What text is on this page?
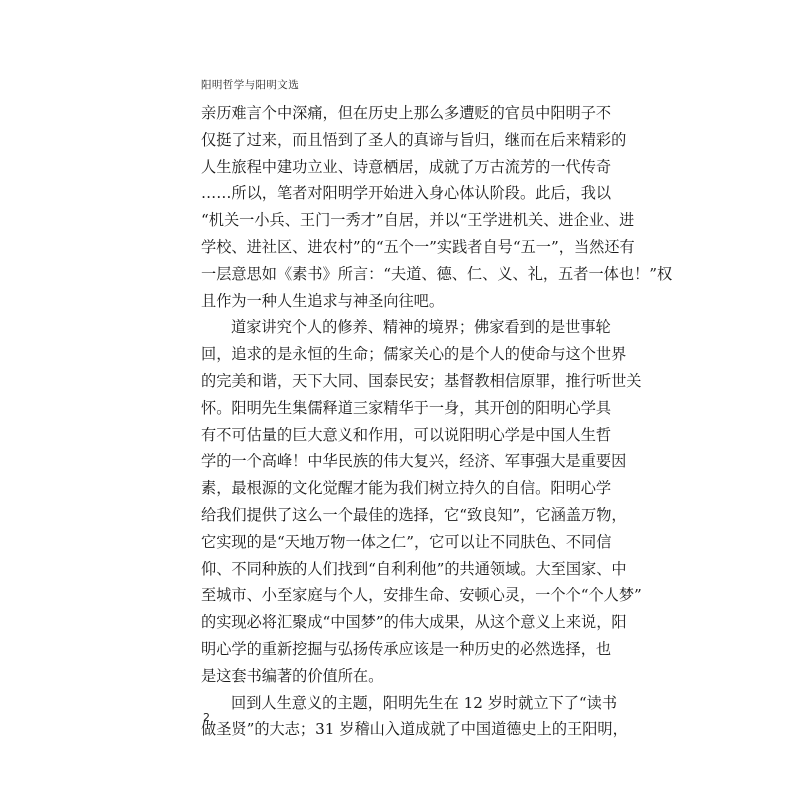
阳明哲学与阳明文选
亲历难言个中深痛，但在历史上那么多遭贬的官员中阳明子不
仅挺了过来，而且悟到了圣人的真谛与旨归，继而在后来精彩的
人生旅程中建功立业、诗意栖居，成就了万古流芳的一代传奇
……所以，笔者对阳明学开始进入身心体认阶段。此后，我以
“机关一小兵、王门一秀才”自居，并以“王学进机关、进企业、进
学校、进社区、进农村”的“五个一”实践者自号“五一”，当然还有
一层意思如《素书》所言：“夫道、德、仁、义、礼，五者一体也！”权
且作为一种人生追求与神圣向往吧。
道家讲究个人的修养、精神的境界；佛家看到的是世事轮
回，追求的是永恒的生命；儒家关心的是个人的使命与这个世界
的完美和谐，天下大同、国泰民安；基督教相信原罪，推行听世关
怀。阳明先生集儒释道三家精华于一身，其开创的阳明心学具
有不可估量的巨大意义和作用，可以说阳明心学是中国人生哲
学的一个高峰！中华民族的伟大复兴，经济、军事强大是重要因
素，最根源的文化觉醒才能为我们树立持久的自信。阳明心学
给我们提供了这么一个最佳的选择，它“致良知”，它涵盖万物，
它实现的是“天地万物一体之仁”，它可以让不同肤色、不同信
仰、不同种族的人们找到“自利利他”的共通领域。大至国家、中
至城市、小至家庭与个人，安排生命、安顿心灵，一个个“个人梦”
的实现必将汇聚成“中国梦”的伟大成果，从这个意义上来说，阳
明心学的重新挖掘与弘扬传承应该是一种历史的必然选择，也
是这套书编著的价值所在。
回到人生意义的主题，阳明先生在 12 岁时就立下了“读书
做圣贤”的大志；31 岁稽山入道成就了中国道德史上的王阳明，
2
